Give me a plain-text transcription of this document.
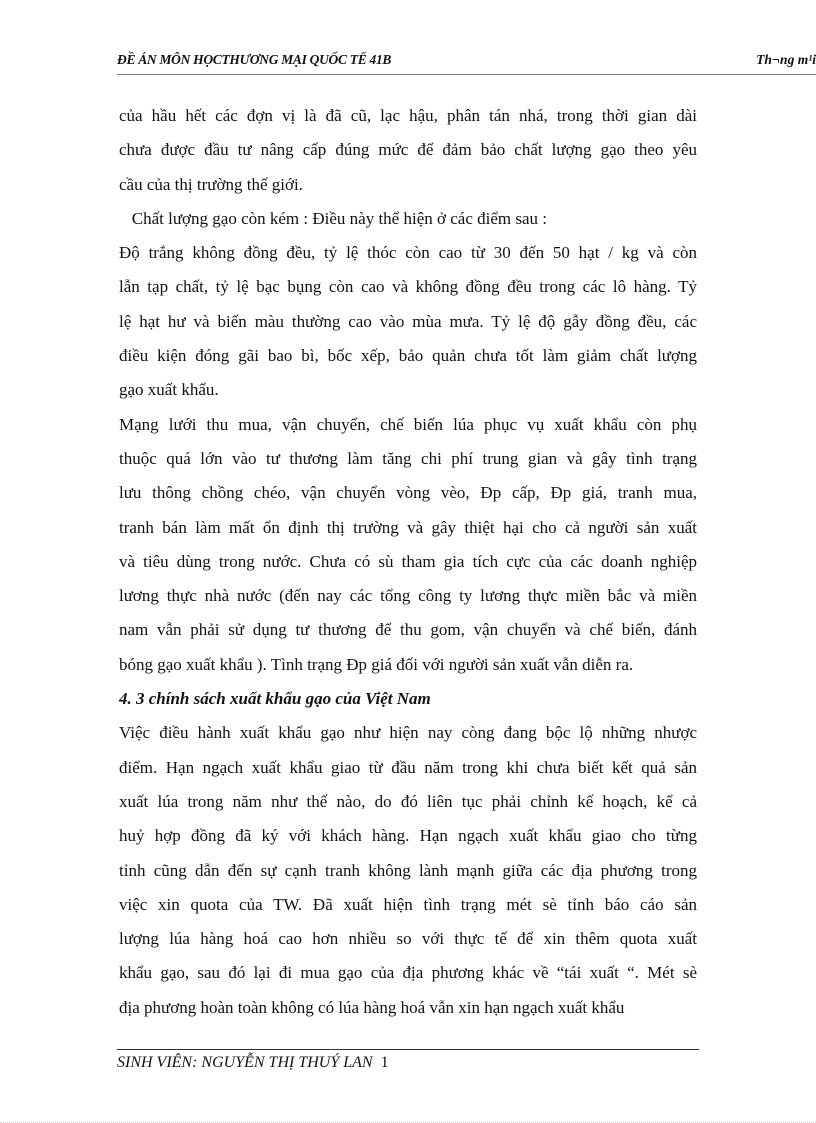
ĐỀ ÁN MÔN HỌCTHƯƠNG MẠI QUỐC TẾ 41B	Th¬ng m¹i
của hầu hết các đợn vị là đã cũ, lạc hậu, phân tán nhá, trong thời gian dài
chưa được đầu tư nâng cấp đúng mức để đảm bảo chất lượng gạo theo yêu
cầu của thị trường thế giới.
Chất lượng gạo còn kém : Điều này thể hiện ở các điểm sau :
Độ trắng không đồng đều, tỷ lệ thóc còn cao từ 30 đến 50 hạt / kg và còn
lẫn tạp chất, tỷ lệ bạc bụng còn cao và không đồng đều trong các lô hàng. Tỷ
lệ hạt hư và biến màu thường cao vào mùa mưa. Tỷ lệ độ gẫy đồng đều, các
điều kiện đóng gãi bao bì, bốc xếp, bảo quản chưa tốt làm giảm chất lượng
gạo xuất khẩu.
Mạng lưới thu mua, vận chuyển, chế biến lúa phục vụ xuất khẩu còn phụ
thuộc quá lớn vào tư thương làm tăng chi phí trung gian và gây tình trạng
lưu thông chồng chéo, vận chuyển vòng vèo, Đp cấp, Đp giá, tranh mua,
tranh bán làm mất ổn định thị trường và gây thiệt hại cho cả người sản xuất
và tiêu dùng trong nước. Chưa có sù tham gia tích cực của các doanh nghiệp
lương thực nhà nước (đến nay các tổng công ty lương thực miền bắc và miền
nam vẫn phải sử dụng tư thương để thu gom, vận chuyển và chế biến, đánh
bóng gạo xuất khẩu ). Tình trạng Đp giá đối với người sản xuất vẫn diễn ra.
4. 3 chính sách xuất khẩu gạo của Việt Nam
Việc điều hành xuất khẩu gạo như hiện nay còng đang bộc lộ những nhược
điểm. Hạn ngạch xuất khẩu giao từ đầu năm trong khi chưa biết kết quả sản
xuất lúa trong năm như thế nào, do đó liên tục phải chỉnh kế hoạch, kể cả
huỷ hợp đồng đã ký với khách hàng. Hạn ngạch xuất khẩu giao cho từng
tỉnh cũng dẫn đến sự cạnh tranh không lành mạnh giữa các địa phương trong
việc xin quota của TW. Đã xuất hiện tình trạng mét sè tỉnh báo cáo sản
lượng lúa hàng hoá cao hơn nhiều so với thực tế để xin thêm quota xuất
khẩu gạo, sau đó lại đi mua gạo của địa phương khác về “tái xuất “. Mét sè
địa phương hoàn toàn không có lúa hàng hoá vẫn xin hạn ngạch xuất khẩu
SINH VIÊN: NGUYỄN THỊ THUÝ LAN 1
